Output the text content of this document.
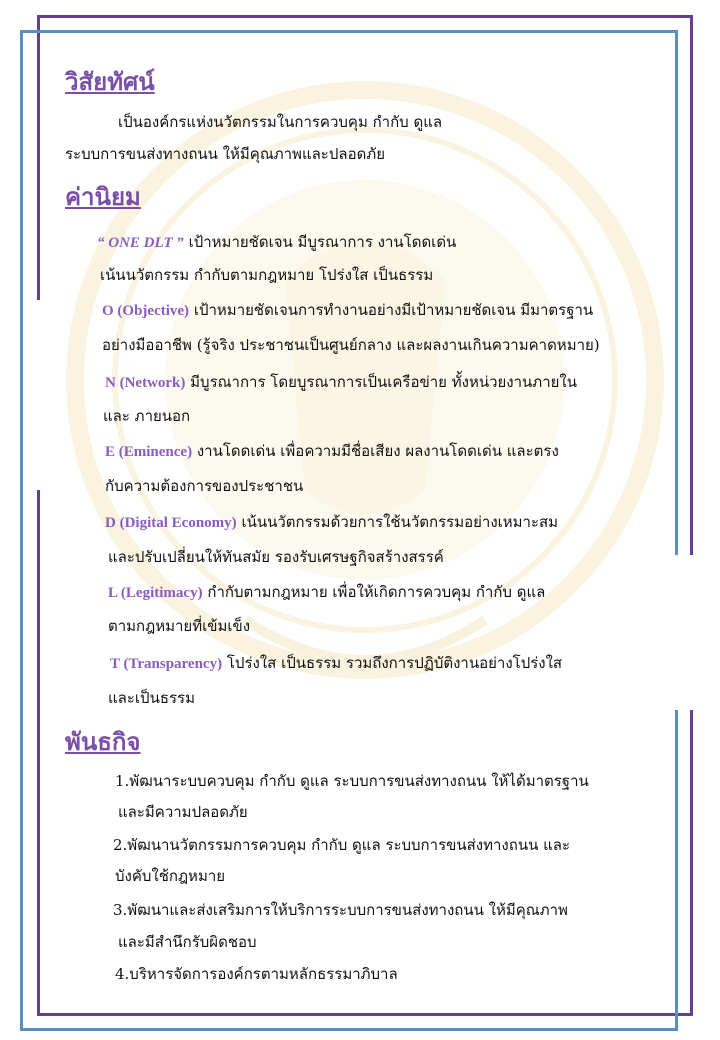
วิสัยทัศน์

เป็นองค์กรแห่งนวัตกรรมในการควบคุม กำกับ ดูแล

ระบบการขนส่งทางถนน ให้มีคุณภาพและปลอดภัย

ค่านิยม

“ ONE DLT ” เป้าหมายชัดเจน มีบูรณาการ งานโดดเด่น

เน้นนวัตกรรม กำกับตามกฎหมาย โปร่งใส เป็นธรรม

O (Objective) เป้าหมายชัดเจนการทำงานอย่างมีเป้าหมายชัดเจน มีมาตรฐาน

อย่างมืออาชีพ (รู้จริง ประชาชนเป็นศูนย์กลาง และผลงานเกินความคาดหมาย)

N (Network) มีบูรณาการ โดยบูรณาการเป็นเครือข่าย ทั้งหน่วยงานภายใน

และ ภายนอก

E (Eminence) งานโดดเด่น เพื่อความมีชื่อเสียง ผลงานโดดเด่น และตรง

กับความต้องการของประชาชน

D (Digital Economy) เน้นนวัตกรรมด้วยการใช้นวัตกรรมอย่างเหมาะสม

และปรับเปลี่ยนให้ทันสมัย รองรับเศรษฐกิจสร้างสรรค์

L (Legitimacy) กำกับตามกฎหมาย เพื่อให้เกิดการควบคุม กำกับ ดูแล

ตามกฎหมายที่เข้มเข็ง

T (Transparency) โปร่งใส เป็นธรรม รวมถึงการปฏิบัติงานอย่างโปร่งใส

และเป็นธรรม

พันธกิจ

1.พัฒนาระบบควบคุม กำกับ ดูแล ระบบการขนส่งทางถนน ให้ได้มาตรฐาน

และมีความปลอดภัย

2.พัฒนานวัตกรรมการควบคุม กำกับ ดูแล ระบบการขนส่งทางถนน และ

บังคับใช้กฎหมาย

3.พัฒนาและส่งเสริมการให้บริการระบบการขนส่งทางถนน ให้มีคุณภาพ

และมีสำนึกรับผิดชอบ

4.บริหารจัดการองค์กรตามหลักธรรมาภิบาล
